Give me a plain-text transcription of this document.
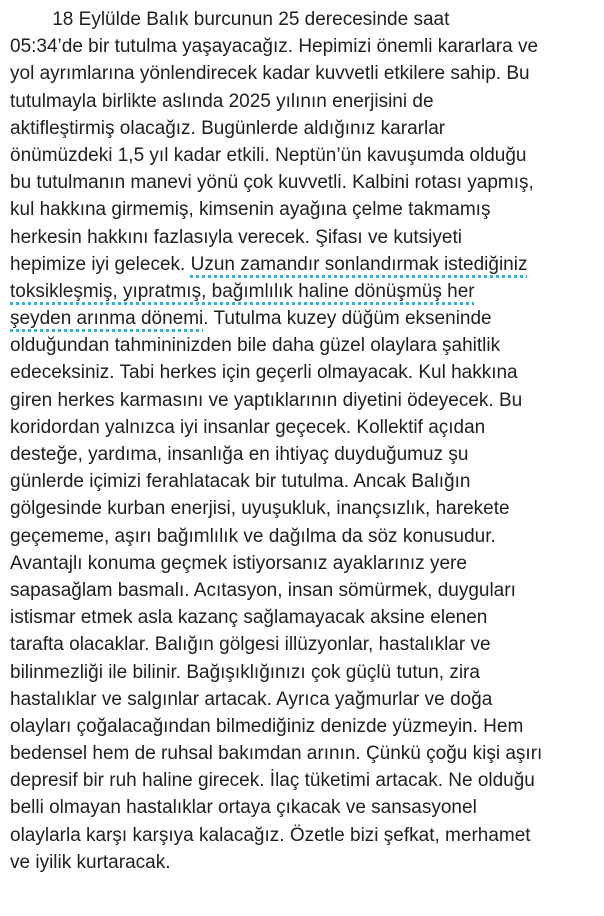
18 Eylülde Balık burcunun 25 derecesinde saat
05:34’de bir tutulma yaşayacağız. Hepimizi önemli kararlara ve
yol ayrımlarına yönlendirecek kadar kuvvetli etkilere sahip. Bu
tutulmayla birlikte aslında 2025 yılının enerjisini de
aktifleştirmiş olacağız. Bugünlerde aldığınız kararlar
önümüzdeki 1,5 yıl kadar etkili. Neptün’ün kavuşumda olduğu
bu tutulmanın manevi yönü çok kuvvetli. Kalbini rotası yapmış,
kul hakkına girmemiş, kimsenin ayağına çelme takmamış
herkesin hakkını fazlasıyla verecek. Şifası ve kutsiyeti
hepimize iyi gelecek. Uzun zamandır sonlandırmak istediğiniz
toksikleşmiş, yıpratmış, bağımlılık haline dönüşmüş her
şeyden arınma dönemi. Tutulma kuzey düğüm ekseninde
olduğundan tahmininizden bile daha güzel olaylara şahitlik
edeceksiniz. Tabi herkes için geçerli olmayacak. Kul hakkına
giren herkes karmasını ve yaptıklarının diyetini ödeyecek. Bu
koridordan yalnızca iyi insanlar geçecek. Kollektif açıdan
desteğe, yardıma, insanlığa en ihtiyaç duyduğumuz şu
günlerde içimizi ferahlatacak bir tutulma. Ancak Balığın
gölgesinde kurban enerjisi, uyuşukluk, inançsızlık, harekete
geçememe, aşırı bağımlılık ve dağılma da söz konusudur.
Avantajlı konuma geçmek istiyorsanız ayaklarınız yere
sapasağlam basmalı. Acıtasyon, insan sömürmek, duyguları
istismar etmek asla kazanç sağlamayacak aksine elenen
tarafta olacaklar. Balığın gölgesi illüzyonlar, hastalıklar ve
bilinmezliği ile bilinir. Bağışıklığınızı çok güçlü tutun, zira
hastalıklar ve salgınlar artacak. Ayrıca yağmurlar ve doğa
olayları çoğalacağından bilmediğiniz denizde yüzmeyin. Hem
bedensel hem de ruhsal bakımdan arının. Çünkü çoğu kişi aşırı
depresif bir ruh haline girecek. İlaç tüketimi artacak. Ne olduğu
belli olmayan hastalıklar ortaya çıkacak ve sansasyonel
olaylarla karşı karşıya kalacağız. Özetle bizi şefkat, merhamet
ve iyilik kurtaracak.
